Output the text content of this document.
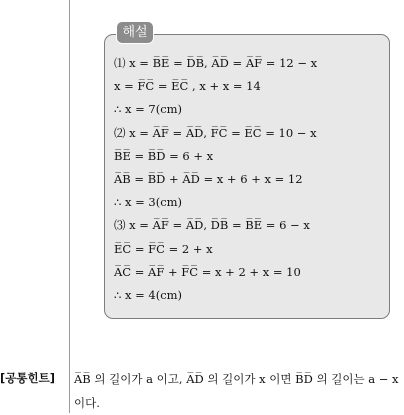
해설
⑴ x = B̅E̅ = D̅B̅, A̅D̅ = A̅F̅ = 12 − x
x = F̅C̅ = E̅C̅ , x + x = 14
∴ x = 7(cm)
⑵ x = A̅F̅ = A̅D̅, F̅C̅ = E̅C̅ = 10 − x
B̅E̅ = B̅D̅ = 6 + x
A̅B̅ = B̅D̅ + A̅D̅ = x + 6 + x = 12
∴ x = 3(cm)
⑶ x = A̅F̅ = A̅D̅, D̅B̅ = B̅E̅ = 6 − x
E̅C̅ = F̅C̅ = 2 + x
A̅C̅ = A̅F̅ + F̅C̅ = x + 2 + x = 10
∴ x = 4(cm)
[공통힌트] A̅B̅ 의 길이가 a 이고, A̅D̅ 의 길이가 x 이면 B̅D̅ 의 길이는 a − x 이다.
